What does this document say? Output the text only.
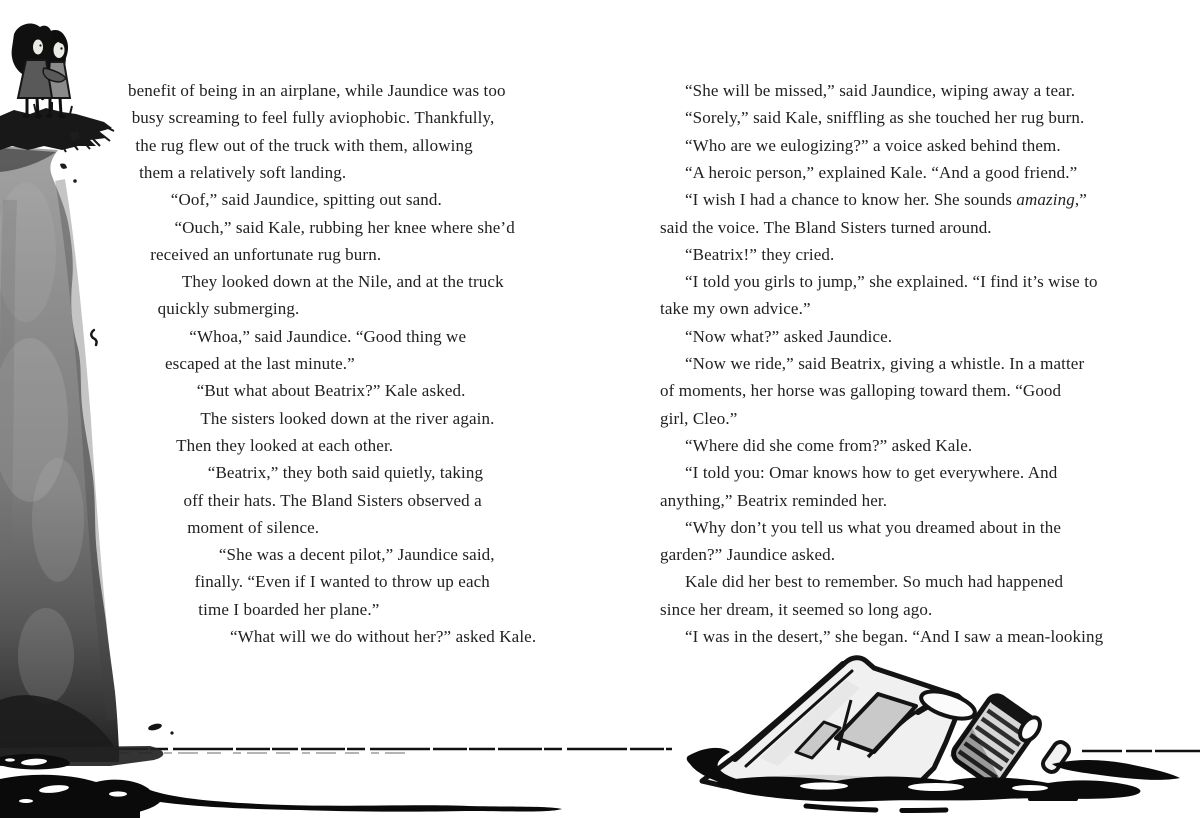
benefit of being in an airplane, while Jaundice was too
busy screaming to feel fully aviophobic. Thankfully,
the rug flew out of the truck with them, allowing
them a relatively soft landing.
“Oof,” said Jaundice, spitting out sand.
“Ouch,” said Kale, rubbing her knee where she’d
received an unfortunate rug burn.
They looked down at the Nile, and at the truck
quickly submerging.
“Whoa,” said Jaundice. “Good thing we
escaped at the last minute.”
“But what about Beatrix?” Kale asked.
The sisters looked down at the river again.
Then they looked at each other.
“Beatrix,” they both said quietly, taking
off their hats. The Bland Sisters observed a
moment of silence.
“She was a decent pilot,” Jaundice said,
finally. “Even if I wanted to throw up each
time I boarded her plane.”
“What will we do without her?” asked Kale.
“She will be missed,” said Jaundice, wiping away a tear.
“Sorely,” said Kale, sniffling as she touched her rug burn.
“Who are we eulogizing?” a voice asked behind them.
“A heroic person,” explained Kale. “And a good friend.”
“I wish I had a chance to know her. She sounds amazing,”
said the voice. The Bland Sisters turned around.
“Beatrix!” they cried.
“I told you girls to jump,” she explained. “I find it’s wise to
take my own advice.”
“Now what?” asked Jaundice.
“Now we ride,” said Beatrix, giving a whistle. In a matter
of moments, her horse was galloping toward them. “Good
girl, Cleo.”
“Where did she come from?” asked Kale.
“I told you: Omar knows how to get everywhere. And
anything,” Beatrix reminded her.
“Why don’t you tell us what you dreamed about in the
garden?” Jaundice asked.
Kale did her best to remember. So much had happened
since her dream, it seemed so long ago.
“I was in the desert,” she began. “And I saw a mean-looking
